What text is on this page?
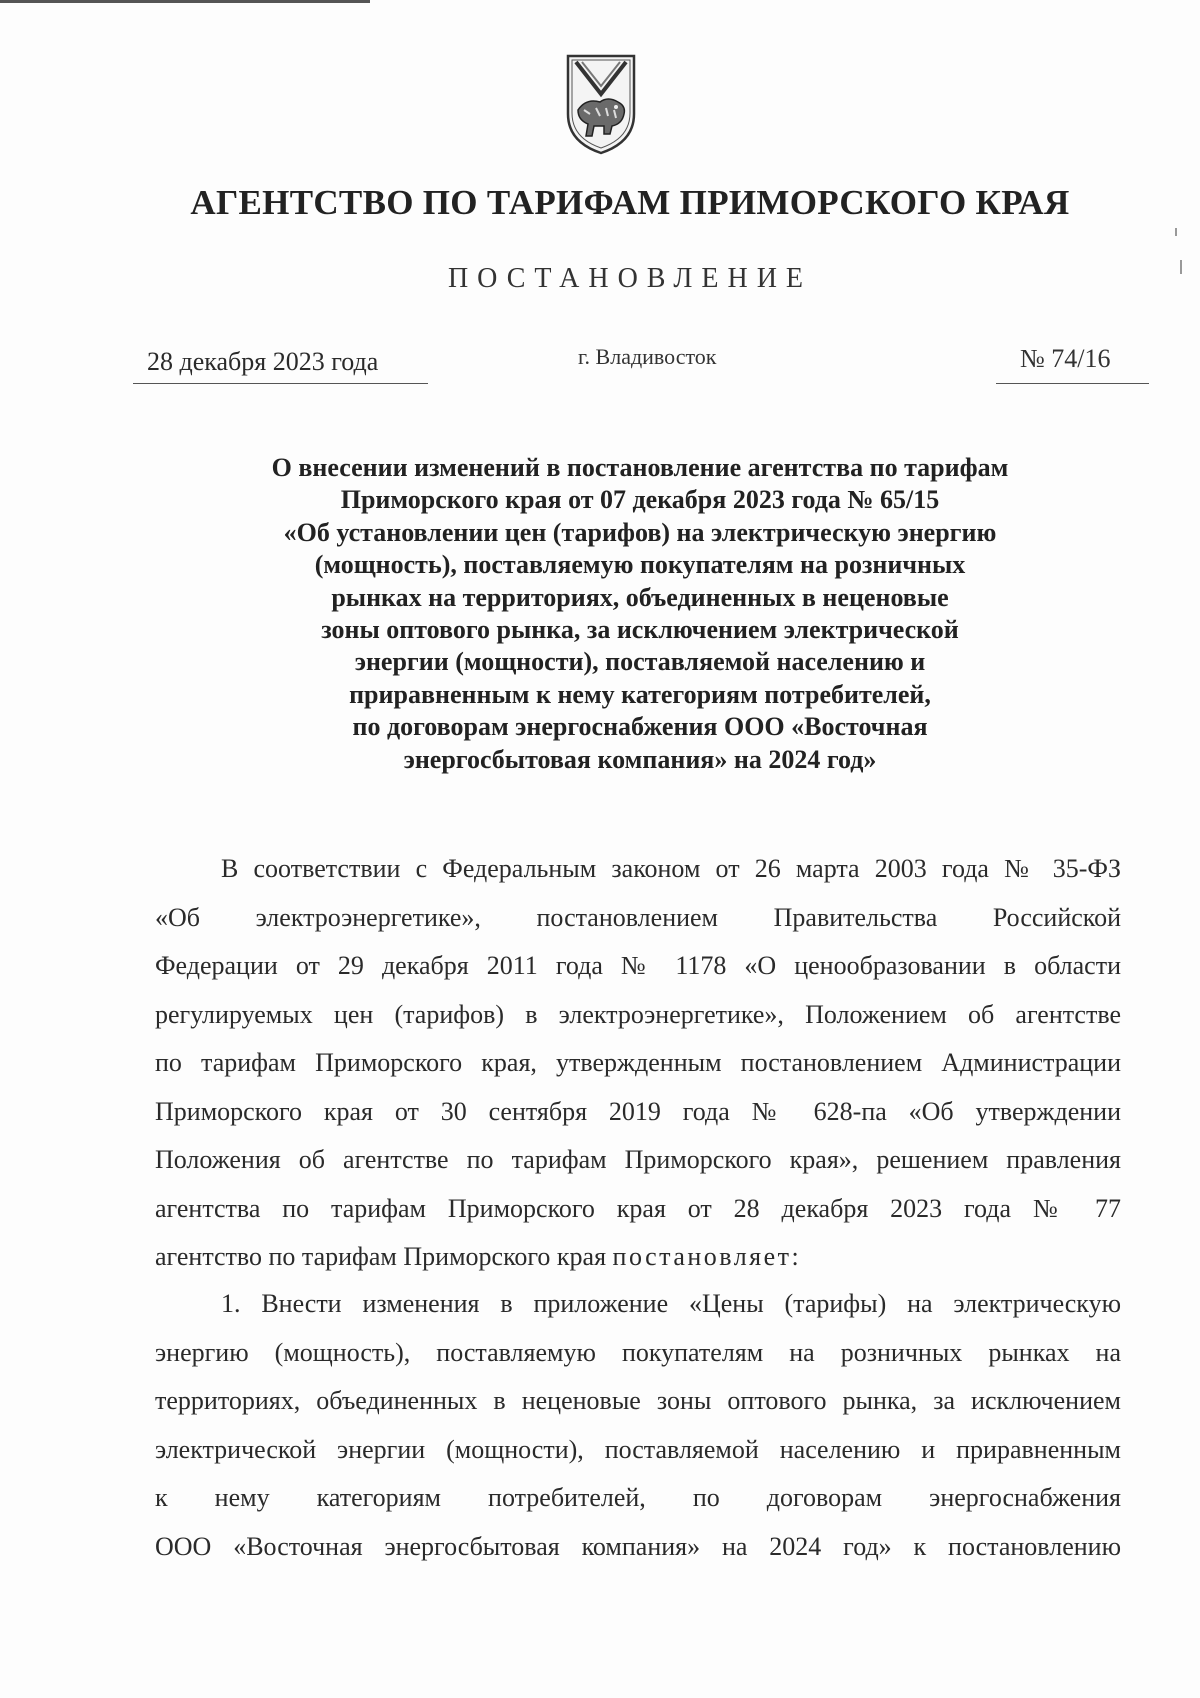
АГЕНТСТВО ПО ТАРИФАМ ПРИМОРСКОГО КРАЯ
ПОСТАНОВЛЕНИЕ
28 декабря 2023 года	г. Владивосток	№ 74/16
О внесении изменений в постановление агентства по тарифам
Приморского края от 07 декабря 2023 года № 65/15
«Об установлении цен (тарифов) на электрическую энергию
(мощность), поставляемую покупателям на розничных
рынках на территориях, объединенных в неценовые
зоны оптового рынка, за исключением электрической
энергии (мощности), поставляемой населению и
приравненным к нему категориям потребителей,
по договорам энергоснабжения ООО «Восточная
энергосбытовая компания» на 2024 год»
В соответствии с Федеральным законом от 26 марта 2003 года № 35-ФЗ
«Об электроэнергетике», постановлением Правительства Российской
Федерации от 29 декабря 2011 года № 1178 «О ценообразовании в области
регулируемых цен (тарифов) в электроэнергетике», Положением об агентстве
по тарифам Приморского края, утвержденным постановлением Администрации
Приморского края от 30 сентября 2019 года № 628-па «Об утверждении
Положения об агентстве по тарифам Приморского края», решением правления
агентства по тарифам Приморского края от 28 декабря 2023 года № 77
агентство по тарифам Приморского края постановляет:
1. Внести изменения в приложение «Цены (тарифы) на электрическую
энергию (мощность), поставляемую покупателям на розничных рынках на
территориях, объединенных в неценовые зоны оптового рынка, за исключением
электрической энергии (мощности), поставляемой населению и приравненным
к нему категориям потребителей, по договорам энергоснабжения
ООО «Восточная энергосбытовая компания» на 2024 год» к постановлению
